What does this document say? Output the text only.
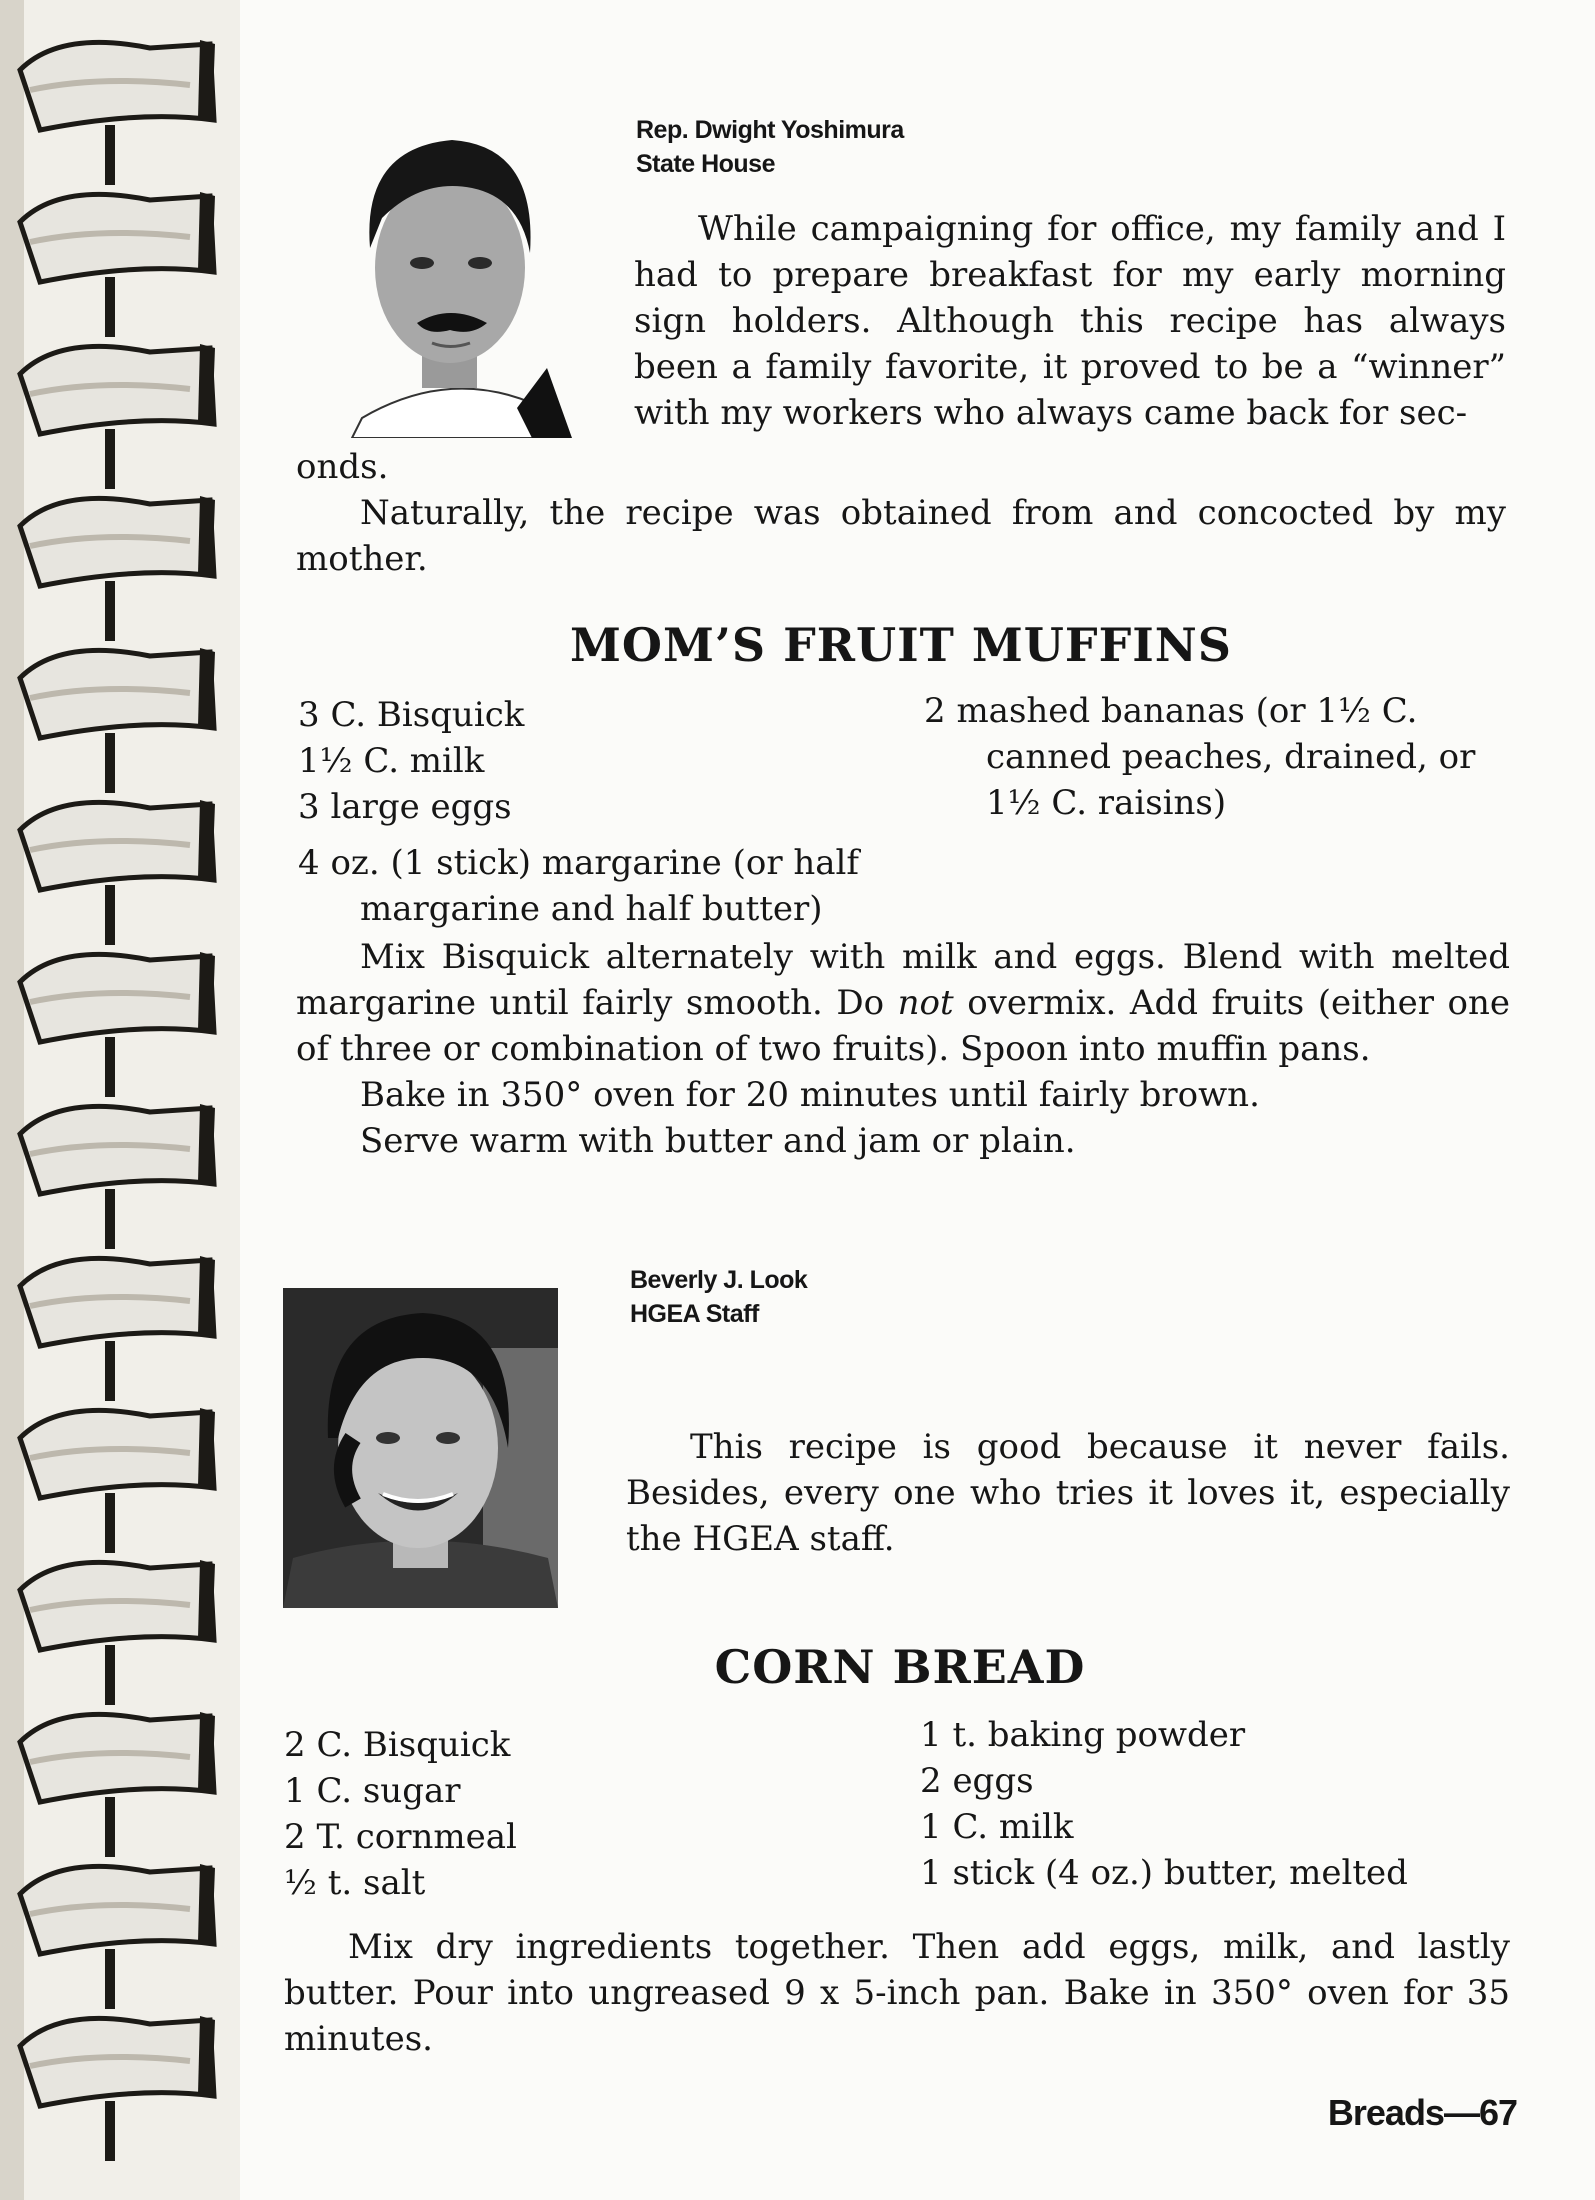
Rep. Dwight Yoshimura
State House

While campaigning for office, my family and I had to prepare breakfast for my early morning sign holders. Although this recipe has always been a family favorite, it proved to be a “winner” with my workers who always came back for sec-

onds.

Naturally, the recipe was obtained from and concocted by my mother.

MOM’S FRUIT MUFFINS
3 C. Bisquick
1½ C. milk
3 large eggs
2 mashed bananas (or 1½ C. canned peaches, drained, or 1½ C. raisins)
4 oz. (1 stick) margarine (or half margarine and half butter)

Mix Bisquick alternately with milk and eggs. Blend with melted margarine until fairly smooth. Do not overmix. Add fruits (either one of three or combination of two fruits). Spoon into muffin pans.

Bake in 350° oven for 20 minutes until fairly brown.

Serve warm with butter and jam or plain.

Beverly J. Look
HGEA Staff

This recipe is good because it never fails. Besides, every one who tries it loves it, especially the HGEA staff.

CORN BREAD
2 C. Bisquick
1 C. sugar
2 T. cornmeal
½ t. salt
1 t. baking powder
2 eggs
1 C. milk
1 stick (4 oz.) butter, melted

Mix dry ingredients together. Then add eggs, milk, and lastly butter. Pour into ungreased 9 x 5-inch pan. Bake in 350° oven for 35 minutes.

Breads—67
